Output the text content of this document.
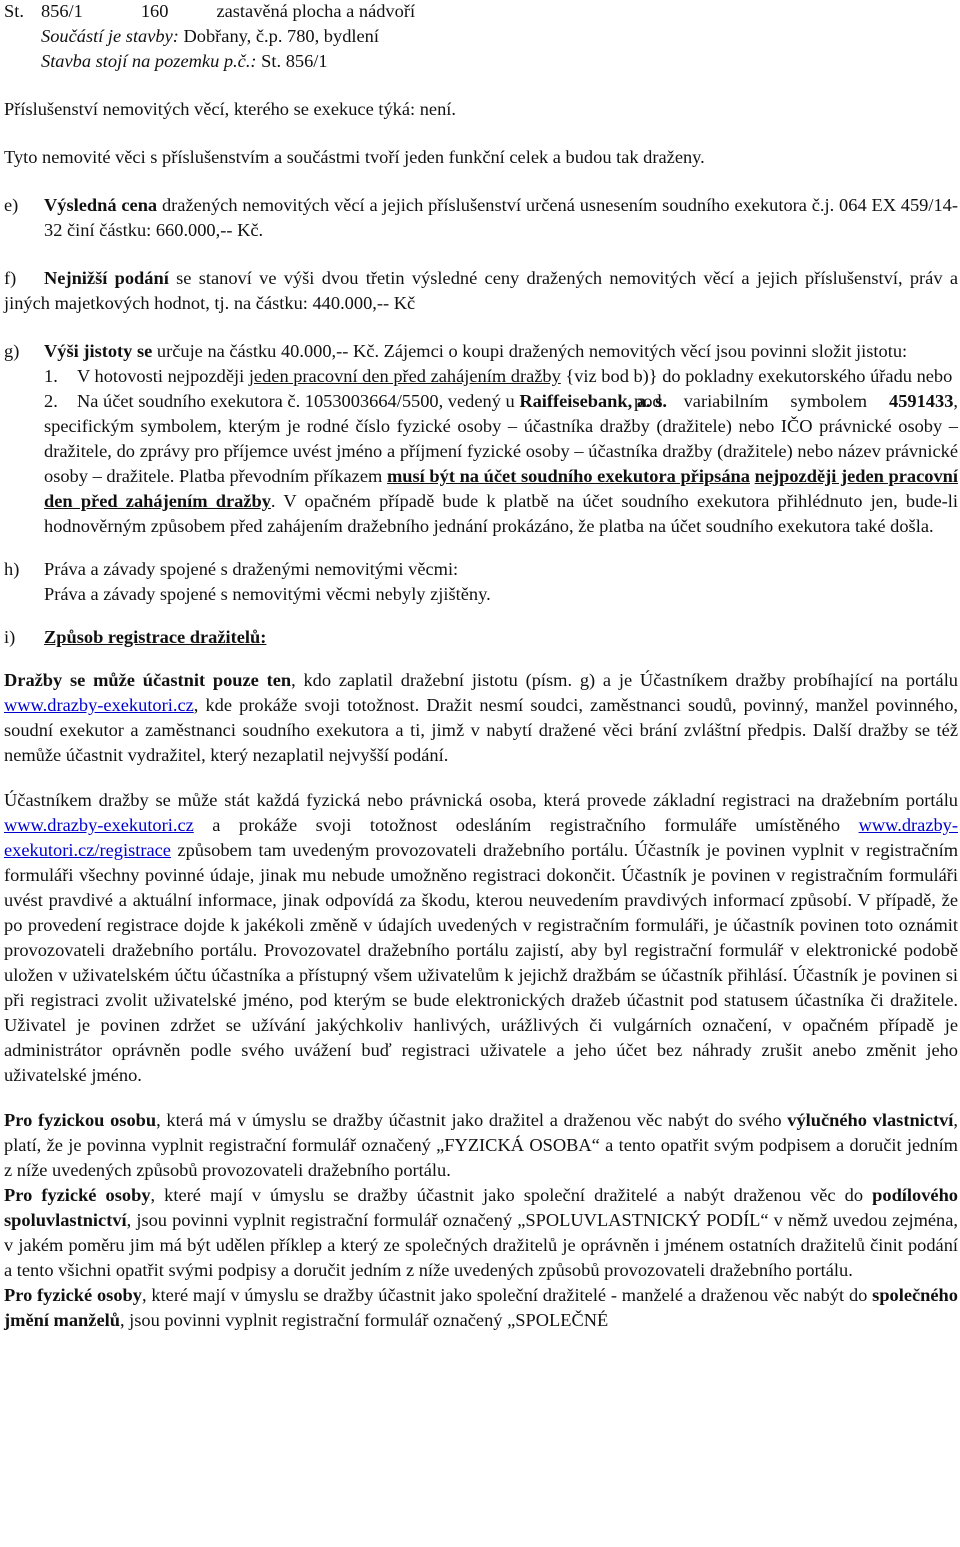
St. 856/1	160	zastavěná plocha a nádvoří

Součástí je stavby: Dobřany, č.p. 780, bydlení

Stavba stojí na pozemku p.č.: St. 856/1

Příslušenství nemovitých věcí, kterého se exekuce týká: není.

Tyto nemovité věci s příslušenstvím a součástmi tvoří jeden funkční celek a budou tak draženy.

e)	Výsledná cena dražených nemovitých věcí a jejich příslušenství určená usnesením soudního exekutora č.j. 064 EX 459/14-32 činí částku: 660.000,-- Kč.

f)	Nejnižší podání se stanoví ve výši dvou třetin výsledné ceny dražených nemovitých věcí a jejich příslušenství, práv a jiných majetkových hodnot, tj. na částku: 440.000,-- Kč

g) Výši jistoty se určuje na částku 40.000,-- Kč. Zájemci o koupi dražených nemovitých věcí jsou povinni složit jistotu:

1.	V hotovosti nejpozději jeden pracovní den před zahájením dražby {viz bod b)} do pokladny exekutorského úřadu nebo

2.	Na účet soudního exekutora č. 1053003664/5500, vedený u Raiffeisebank, a. s.

pod variabilním symbolem 4591433, specifickým symbolem, kterým je rodné číslo fyzické osoby – účastníka dražby (dražitele) nebo IČO právnické osoby – dražitele, do zprávy pro příjemce uvést jméno a příjmení fyzické osoby – účastníka dražby (dražitele) nebo název právnické osoby – dražitele. Platba převodním příkazem musí být na účet soudního exekutora připsána nejpozději jeden pracovní den před zahájením dražby. V opačném případě bude k platbě na účet soudního exekutora přihlédnuto jen, bude-li hodnověrným způsobem před zahájením dražebního jednání prokázáno, že platba na účet soudního exekutora také došla.

h) Práva a závady spojené s draženými nemovitými věcmi:

Práva a závady spojené s nemovitými věcmi nebyly zjištěny.

i)	Způsob registrace dražitelů:

Dražby se může účastnit pouze ten, kdo zaplatil dražební jistotu (písm. g) a je Účastníkem dražby probíhající na portálu www.drazby-exekutori.cz, kde prokáže svoji totožnost. Dražit nesmí soudci, zaměstnanci soudů, povinný, manžel povinného, soudní exekutor a zaměstnanci soudního exekutora a ti, jimž v nabytí dražené věci brání zvláštní předpis. Další dražby se též nemůže účastnit vydražitel, který nezaplatil nejvyšší podání.

Účastníkem dražby se může stát každá fyzická nebo právnická osoba, která provede základní registraci na dražebním portálu www.drazby-exekutori.cz a prokáže svoji totožnost odesláním registračního formuláře umístěného www.drazby-exekutori.cz/registrace způsobem tam uvedeným provozovateli dražebního portálu. Účastník je povinen vyplnit v registračním formuláři všechny povinné údaje, jinak mu nebude umožněno registraci dokončit. Účastník je povinen v registračním formuláři uvést pravdivé a aktuální informace, jinak odpovídá za škodu, kterou neuvedením pravdivých informací způsobí. V případě, že po provedení registrace dojde k jakékoli změně v údajích uvedených v registračním formuláři, je účastník povinen toto oznámit provozovateli dražebního portálu. Provozovatel dražebního portálu zajistí, aby byl registrační formulář v elektronické podobě uložen v uživatelském účtu účastníka a přístupný všem uživatelům k jejichž dražbám se účastník přihlásí. Účastník je povinen si při registraci zvolit uživatelské jméno, pod kterým se bude elektronických dražeb účastnit pod statusem účastníka či dražitele. Uživatel je povinen zdržet se užívání jakýchkoliv hanlivých, urážlivých či vulgárních označení, v opačném případě je administrátor oprávněn podle svého uvážení buď registraci uživatele a jeho účet bez náhrady zrušit anebo změnit jeho uživatelské jméno.

Pro fyzickou osobu, která má v úmyslu se dražby účastnit jako dražitel a draženou věc nabýt do svého výlučného vlastnictví, platí, že je povinna vyplnit registrační formulář označený „FYZICKÁ OSOBA“ a tento opatřit svým podpisem a doručit jedním z níže uvedených způsobů provozovateli dražebního portálu.

Pro fyzické osoby, které mají v úmyslu se dražby účastnit jako společní dražitelé a nabýt draženou věc do podílového spoluvlastnictví, jsou povinni vyplnit registrační formulář označený „SPOLUVLASTNICKÝ PODÍL“ v němž uvedou zejména, v jakém poměru jim má být udělen příklep a který ze společných dražitelů je oprávněn i jménem ostatních dražitelů činit podání a tento všichni opatřit svými podpisy a doručit jedním z níže uvedených způsobů provozovateli dražebního portálu.

Pro fyzické osoby, které mají v úmyslu se dražby účastnit jako společní dražitelé - manželé a draženou věc nabýt do společného jmění manželů, jsou povinni vyplnit registrační formulář označený „SPOLEČNÉ
